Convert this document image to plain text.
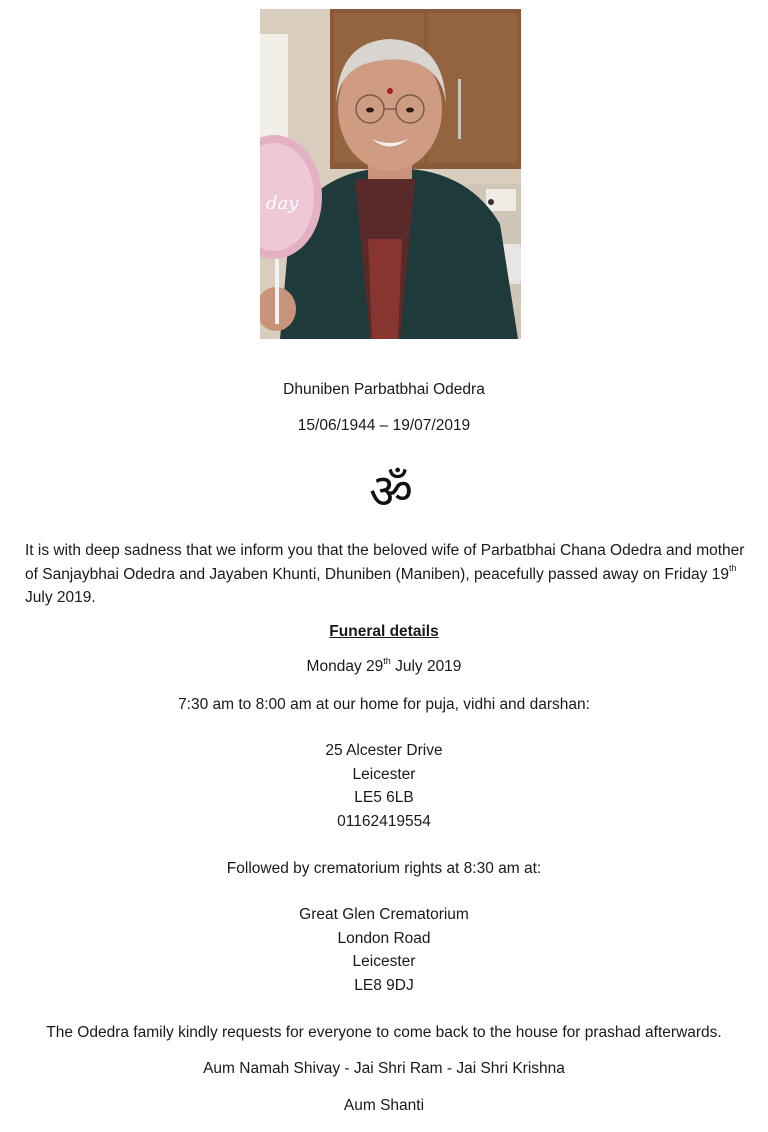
day
Dhuniben Parbatbhai Odedra
15/06/1944 – 19/07/2019
ॐ
It is with deep sadness that we inform you that the beloved wife of Parbatbhai Chana Odedra and mother of Sanjaybhai Odedra and Jayaben Khunti, Dhuniben (Maniben), peacefully passed away on Friday 19th July 2019.
Funeral details
Monday 29th July 2019
7:30 am to 8:00 am at our home for puja, vidhi and darshan:
25 Alcester Drive
Leicester
LE5 6LB
01162419554
Followed by crematorium rights at 8:30 am at:
Great Glen Crematorium
London Road
Leicester
LE8 9DJ
The Odedra family kindly requests for everyone to come back to the house for prashad afterwards.
Aum Namah Shivay - Jai Shri Ram - Jai Shri Krishna
Aum Shanti
